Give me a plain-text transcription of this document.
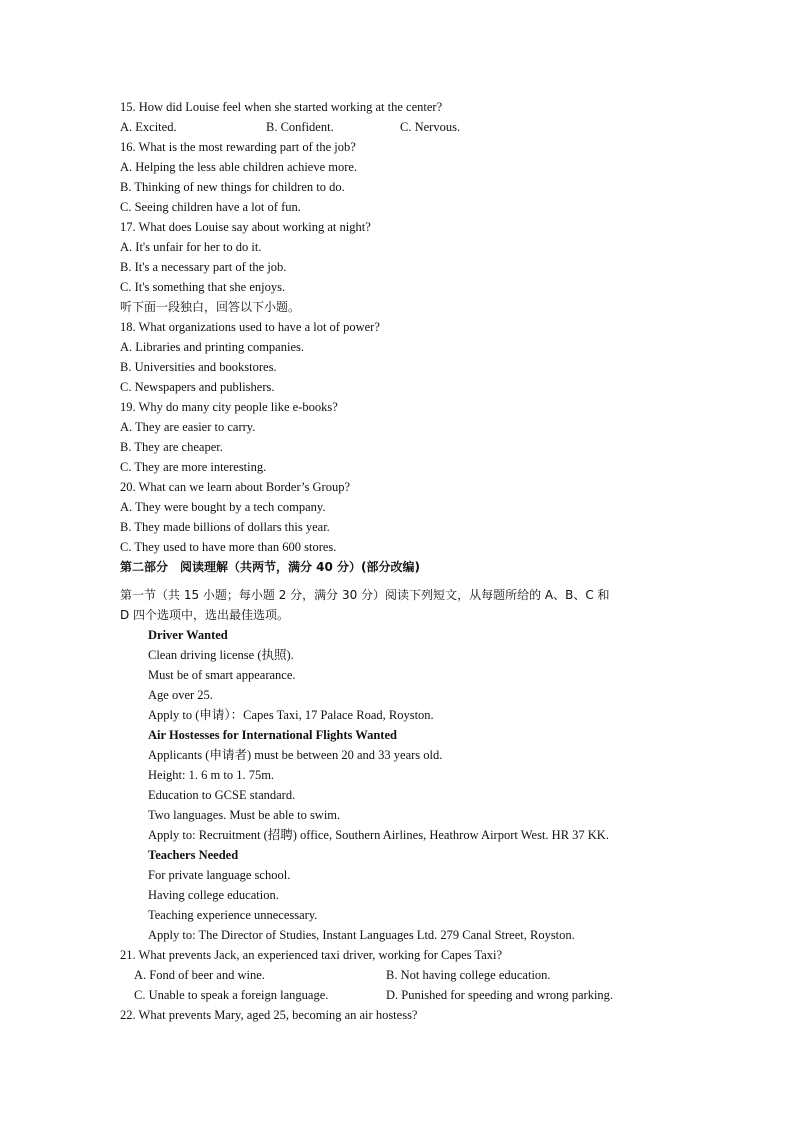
15. How did Louise feel when she started working at the center?
A. Excited.	B. Confident.	C. Nervous.
16. What is the most rewarding part of the job?
A. Helping the less able children achieve more.
B. Thinking of new things for children to do.
C. Seeing children have a lot of fun.
17. What does Louise say about working at night?
A. It's unfair for her to do it.
B. It's a necessary part of the job.
C. It's something that she enjoys.
听下面一段独白，回答以下小题。
18. What organizations used to have a lot of power?
A. Libraries and printing companies.
B. Universities and bookstores.
C. Newspapers and publishers.
19. Why do many city people like e-books?
A. They are easier to carry.
B. They are cheaper.
C. They are more interesting.
20. What can we learn about Border’s Group?
A. They were bought by a tech company.
B. They made billions of dollars this year.
C. They used to have more than 600 stores.
第二部分　阅读理解（共两节，满分 40 分）(部分改编)
第一节（共 15 小题；每小题 2 分，满分 30 分）阅读下列短文，从每题所给的 A、B、C 和
D 四个选项中，选出最佳选项。
Driver Wanted
Clean driving license (执照).
Must be of smart appearance.
Age over 25.
Apply to (申请）：Capes Taxi, 17 Palace Road, Royston.
Air Hostesses for International Flights Wanted
Applicants (申请者) must be between 20 and 33 years old.
Height: 1. 6 m to 1. 75m.
Education to GCSE standard.
Two languages. Must be able to swim.
Apply to: Recruitment (招聘) office, Southern Airlines, Heathrow Airport West. HR 37 KK.
Teachers Needed
For private language school.
Having college education.
Teaching experience unnecessary.
Apply to: The Director of Studies, Instant Languages Ltd. 279 Canal Street, Royston.
21. What prevents Jack, an experienced taxi driver, working for Capes Taxi?
A. Fond of beer and wine.	B. Not having college education.
C. Unable to speak a foreign language.	D. Punished for speeding and wrong parking.
22. What prevents Mary, aged 25, becoming an air hostess?
